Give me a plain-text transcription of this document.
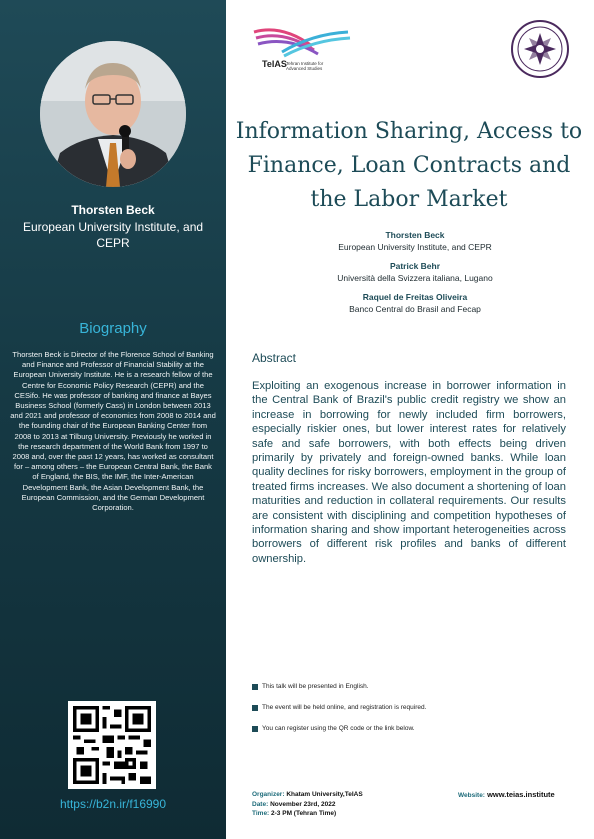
Thorsten Beck
European University Institute, and CEPR
Biography
Thorsten Beck is Director of the Florence School of Banking and Finance and Professor of Financial Stability at the European University Institute. He is a research fellow of the Centre for Economic Policy Research (CEPR) and the CESifo. He was professor of banking and finance at Bayes Business School (formerly Cass) in London between 2013 and 2021 and professor of economics from 2008 to 2014 and the founding chair of the European Banking Center from 2008 to 2013 at Tilburg University. Previously he worked in the research department of the World Bank from 1997 to 2008 and, over the past 12 years, has worked as consultant for – among others – the European Central Bank, the Bank of England, the BIS, the IMF, the Inter-American Development Bank, the Asian Development Bank, the European Commission, and the German Development Corporation.
https://b2n.ir/f16990
TeIAS Tehran Institute for
Advanced Studies
Information Sharing, Access to Finance, Loan Contracts and the Labor Market
Thorsten Beck
European University Institute, and CEPR
Patrick Behr
Università della Svizzera italiana, Lugano
Raquel de Freitas Oliveira
Banco Central do Brasil and Fecap
Abstract
Exploiting an exogenous increase in borrower information in the Central Bank of Brazil's public credit registry we show an increase in borrowing for newly included firm borrowers, especially riskier ones, but lower interest rates for relatively safe and safe borrowers, with both effects being driven primarily by privately and foreign-owned banks. While loan quality declines for risky borrowers, employment in the group of treated firms increases. We also document a shortening of loan maturities and reduction in collateral requirements. Our results are consistent with disciplining and competition hypotheses of information sharing and show important heterogeneities across borrowers of different risk profiles and banks of different ownership.
This talk will be presented in English.
The event will be held online, and registration is required.
You can register using the QR code or the link below.
Organizer: Khatam University,TeIAS
Date: November 23rd, 2022
Time: 2-3 PM (Tehran Time)
Website: www.teias.institute
